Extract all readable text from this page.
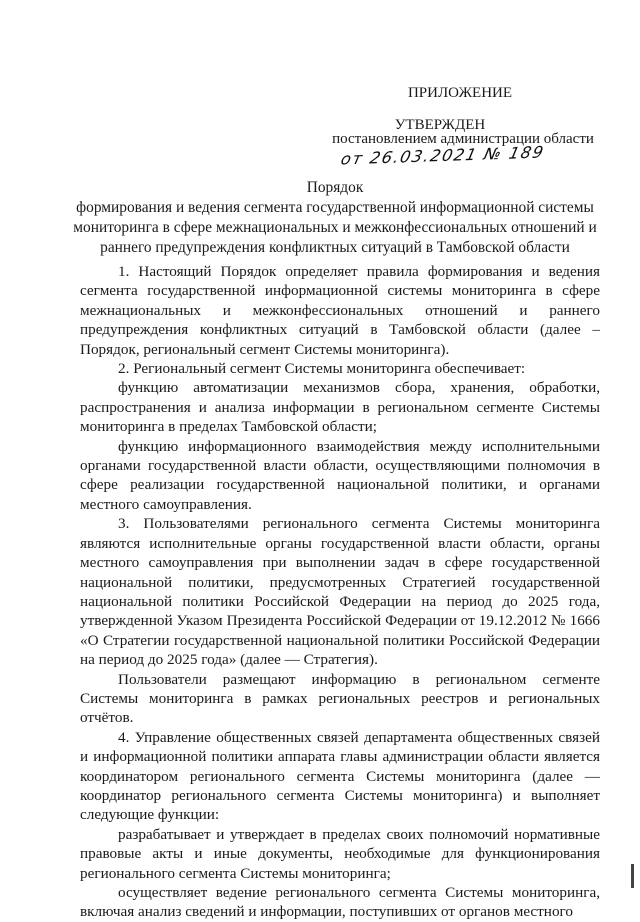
ПРИЛОЖЕНИЕ
УТВЕРЖДЕН
постановлением администрации области
от 26.03.2021 № 189
Порядок
формирования и ведения сегмента государственной информационной системы
мониторинга в сфере межнациональных и межконфессиональных отношений и
раннего предупреждения конфликтных ситуаций в Тамбовской области

1. Настоящий Порядок определяет правила формирования и ведения сегмента государственной информационной системы мониторинга в сфере межнациональных и межконфессиональных отношений и раннего предупреждения конфликтных ситуаций в Тамбовской области (далее – Порядок, региональный сегмент Системы мониторинга).

2. Региональный сегмент Системы мониторинга обеспечивает:

функцию автоматизации механизмов сбора, хранения, обработки, распространения и анализа информации в региональном сегменте Системы мониторинга в пределах Тамбовской области;

функцию информационного взаимодействия между исполнительными органами государственной власти области, осуществляющими полномочия в сфере реализации государственной национальной политики, и органами местного самоуправления.

3. Пользователями регионального сегмента Системы мониторинга являются исполнительные органы государственной власти области, органы местного самоуправления при выполнении задач в сфере государственной национальной политики, предусмотренных Стратегией государственной национальной политики Российской Федерации на период до 2025 года, утвержденной Указом Президента Российской Федерации от 19.12.2012 № 1666 «О Стратегии государственной национальной политики Российской Федерации на период до 2025 года» (далее — Стратегия).

Пользователи размещают информацию в региональном сегменте Системы мониторинга в рамках региональных реестров и региональных отчётов.

4. Управление общественных связей департамента общественных связей и информационной политики аппарата главы администрации области является координатором регионального сегмента Системы мониторинга (далее — координатор регионального сегмента Системы мониторинга) и выполняет следующие функции:

разрабатывает и утверждает в пределах своих полномочий нормативные правовые акты и иные документы, необходимые для функционирования регионального сегмента Системы мониторинга;

осуществляет ведение регионального сегмента Системы мониторинга, включая анализ сведений и информации, поступивших от органов местного
